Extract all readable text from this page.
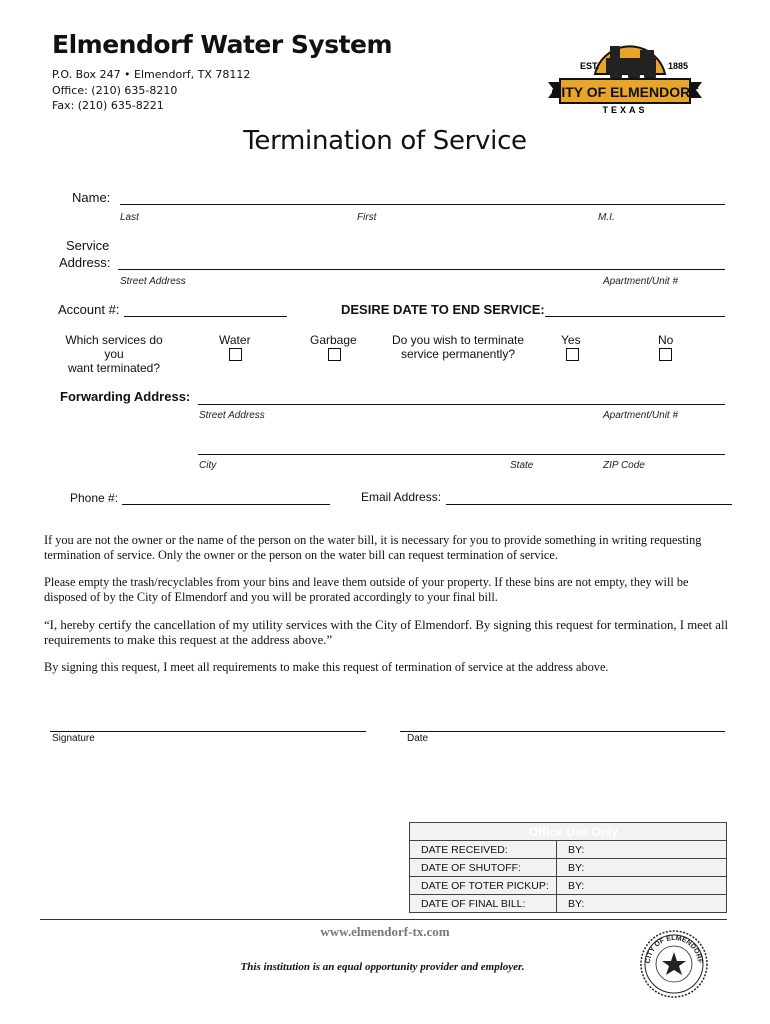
Elmendorf Water System
P.O. Box 247 • Elmendorf, TX 78112
Office: (210) 635-8210
Fax: (210) 635-8221
EST.	1885
CITY OF ELMENDORF
TEXAS
Termination of Service
Name:
Last	First	M.I.
Service
Address:
Street Address	Apartment/Unit #
Account #:	DESIRE DATE TO END SERVICE:
Which services do you
want terminated?
Water	Garbage	Do you wish to terminate
service permanently?
Yes	No
Forwarding Address:
Street Address	Apartment/Unit #
City	State	ZIP Code
Phone #:	Email Address:
If you are not the owner or the name of the person on the water bill, it is necessary for you to provide something in writing requesting termination of service. Only the owner or the person on the water bill can request termination of service.
Please empty the trash/recyclables from your bins and leave them outside of your property. If these bins are not empty, they will be disposed of by the City of Elmendorf and you will be prorated accordingly to your final bill.
“I, hereby certify the cancellation of my utility services with the City of Elmendorf. By signing this request for termination, I meet all requirements to make this request at the address above.”
By signing this request, I meet all requirements to make this request of termination of service at the address above.
Signature	Date
Office Use Only	
DATE RECEIVED:	BY:
DATE OF SHUTOFF:	BY:
DATE OF TOTER PICKUP:	BY:
DATE OF FINAL BILL:	BY:
www.elmendorf-tx.com
This institution is an equal opportunity provider and employer.
CITY OF ELMENDORF
